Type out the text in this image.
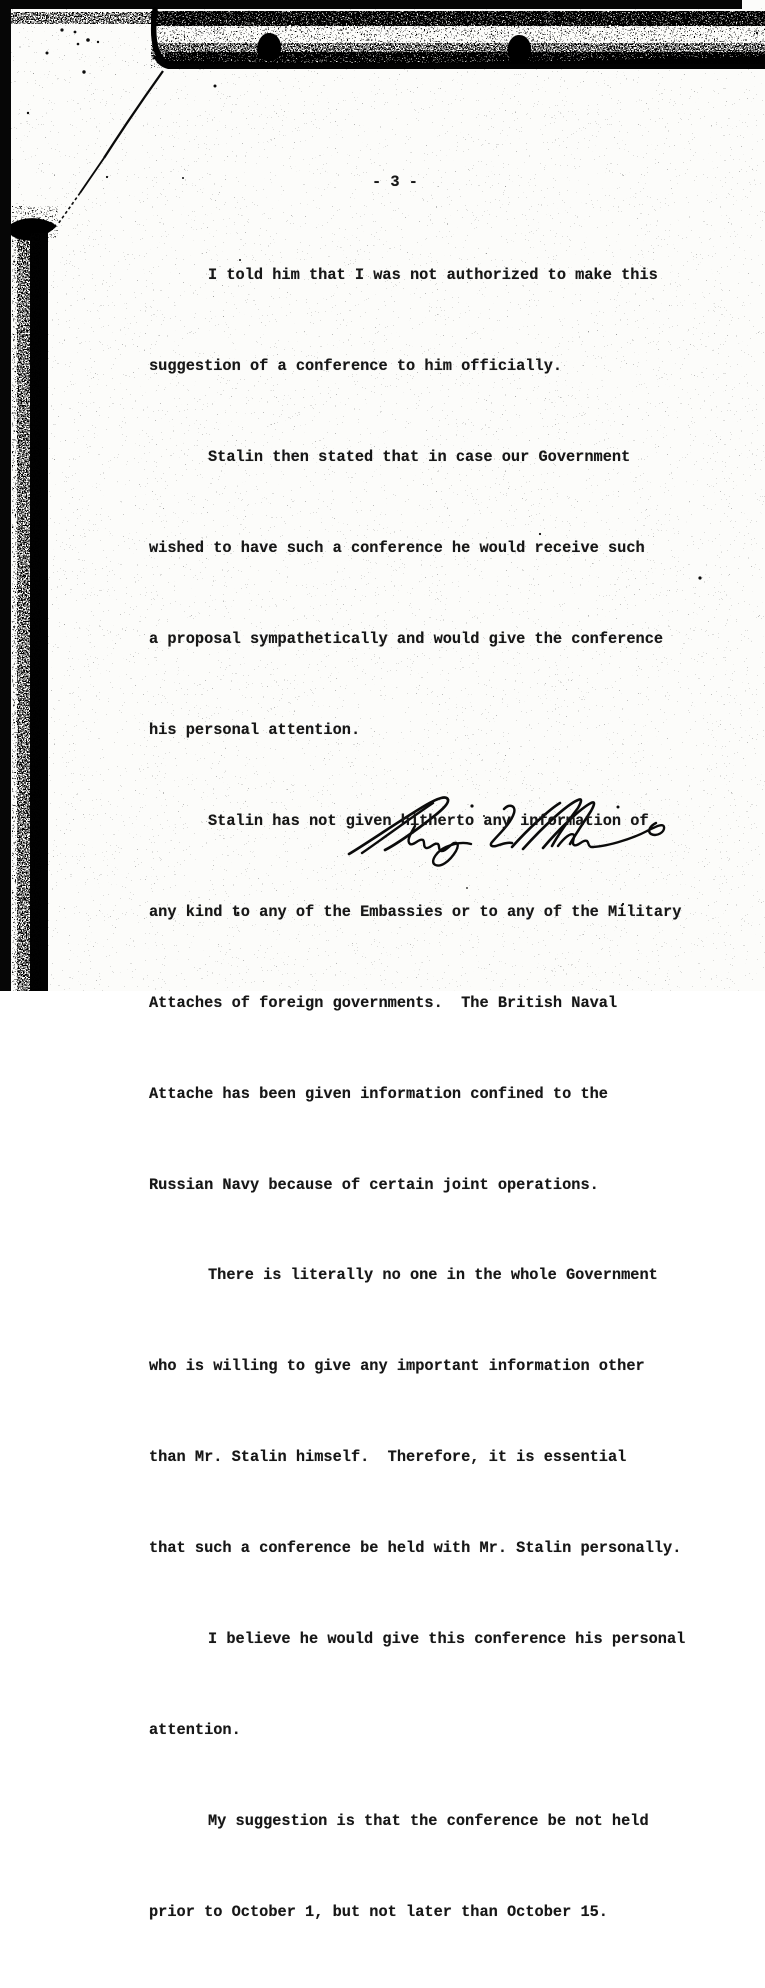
- 3 -

I told him that I was not authorized to make this

suggestion of a conference to him officially.

Stalin then stated that in case our Government

wished to have such a conference he would receive such

a proposal sympathetically and would give the conference

his personal attention.

Stalin has not given hitherto any information of

any kind to any of the Embassies or to any of the Military

Attaches of foreign governments.  The British Naval

Attache has been given information confined to the

Russian Navy because of certain joint operations.

There is literally no one in the whole Government

who is willing to give any important information other

than Mr. Stalin himself.  Therefore, it is essential

that such a conference be held with Mr. Stalin personally.

I believe he would give this conference his personal

attention.

My suggestion is that the conference be not held

prior to October 1, but not later than October 15.
